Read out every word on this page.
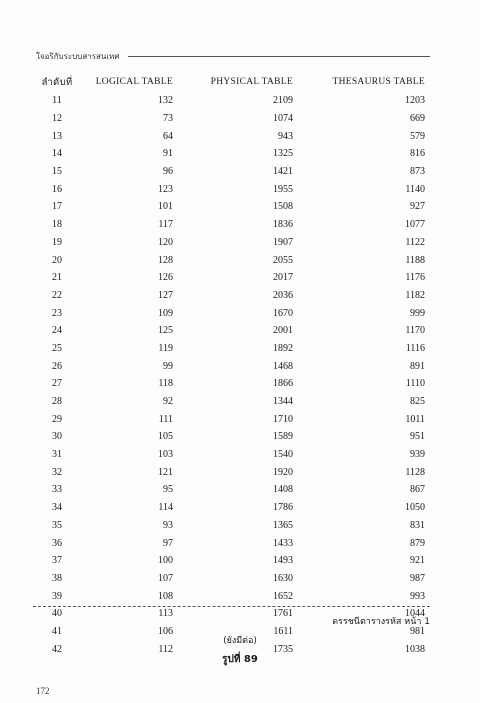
ใจอริกับระบบสารสนเทศ
ลำดับที่	LOGICAL TABLE	PHYSICAL TABLE	THESAURUS TABLE
11	132	2109	1203
12	73	1074	669
13	64	943	579
14	91	1325	816
15	96	1421	873
16	123	1955	1140
17	101	1508	927
18	117	1836	1077
19	120	1907	1122
20	128	2055	1188
21	126	2017	1176
22	127	2036	1182
23	109	1670	999
24	125	2001	1170
25	119	1892	1116
26	99	1468	891
27	118	1866	1110
28	92	1344	825
29	111	1710	1011
30	105	1589	951
31	103	1540	939
32	121	1920	1128
33	95	1408	867
34	114	1786	1050
35	93	1365	831
36	97	1433	879
37	100	1493	921
38	107	1630	987
39	108	1652	993
40	113	1761	1044
41	106	1611	981
42	112	1735	1038
ดรรชนีตารางรหัส หน้า 1
(ยังมีต่อ)
รูปที่ 89
172
